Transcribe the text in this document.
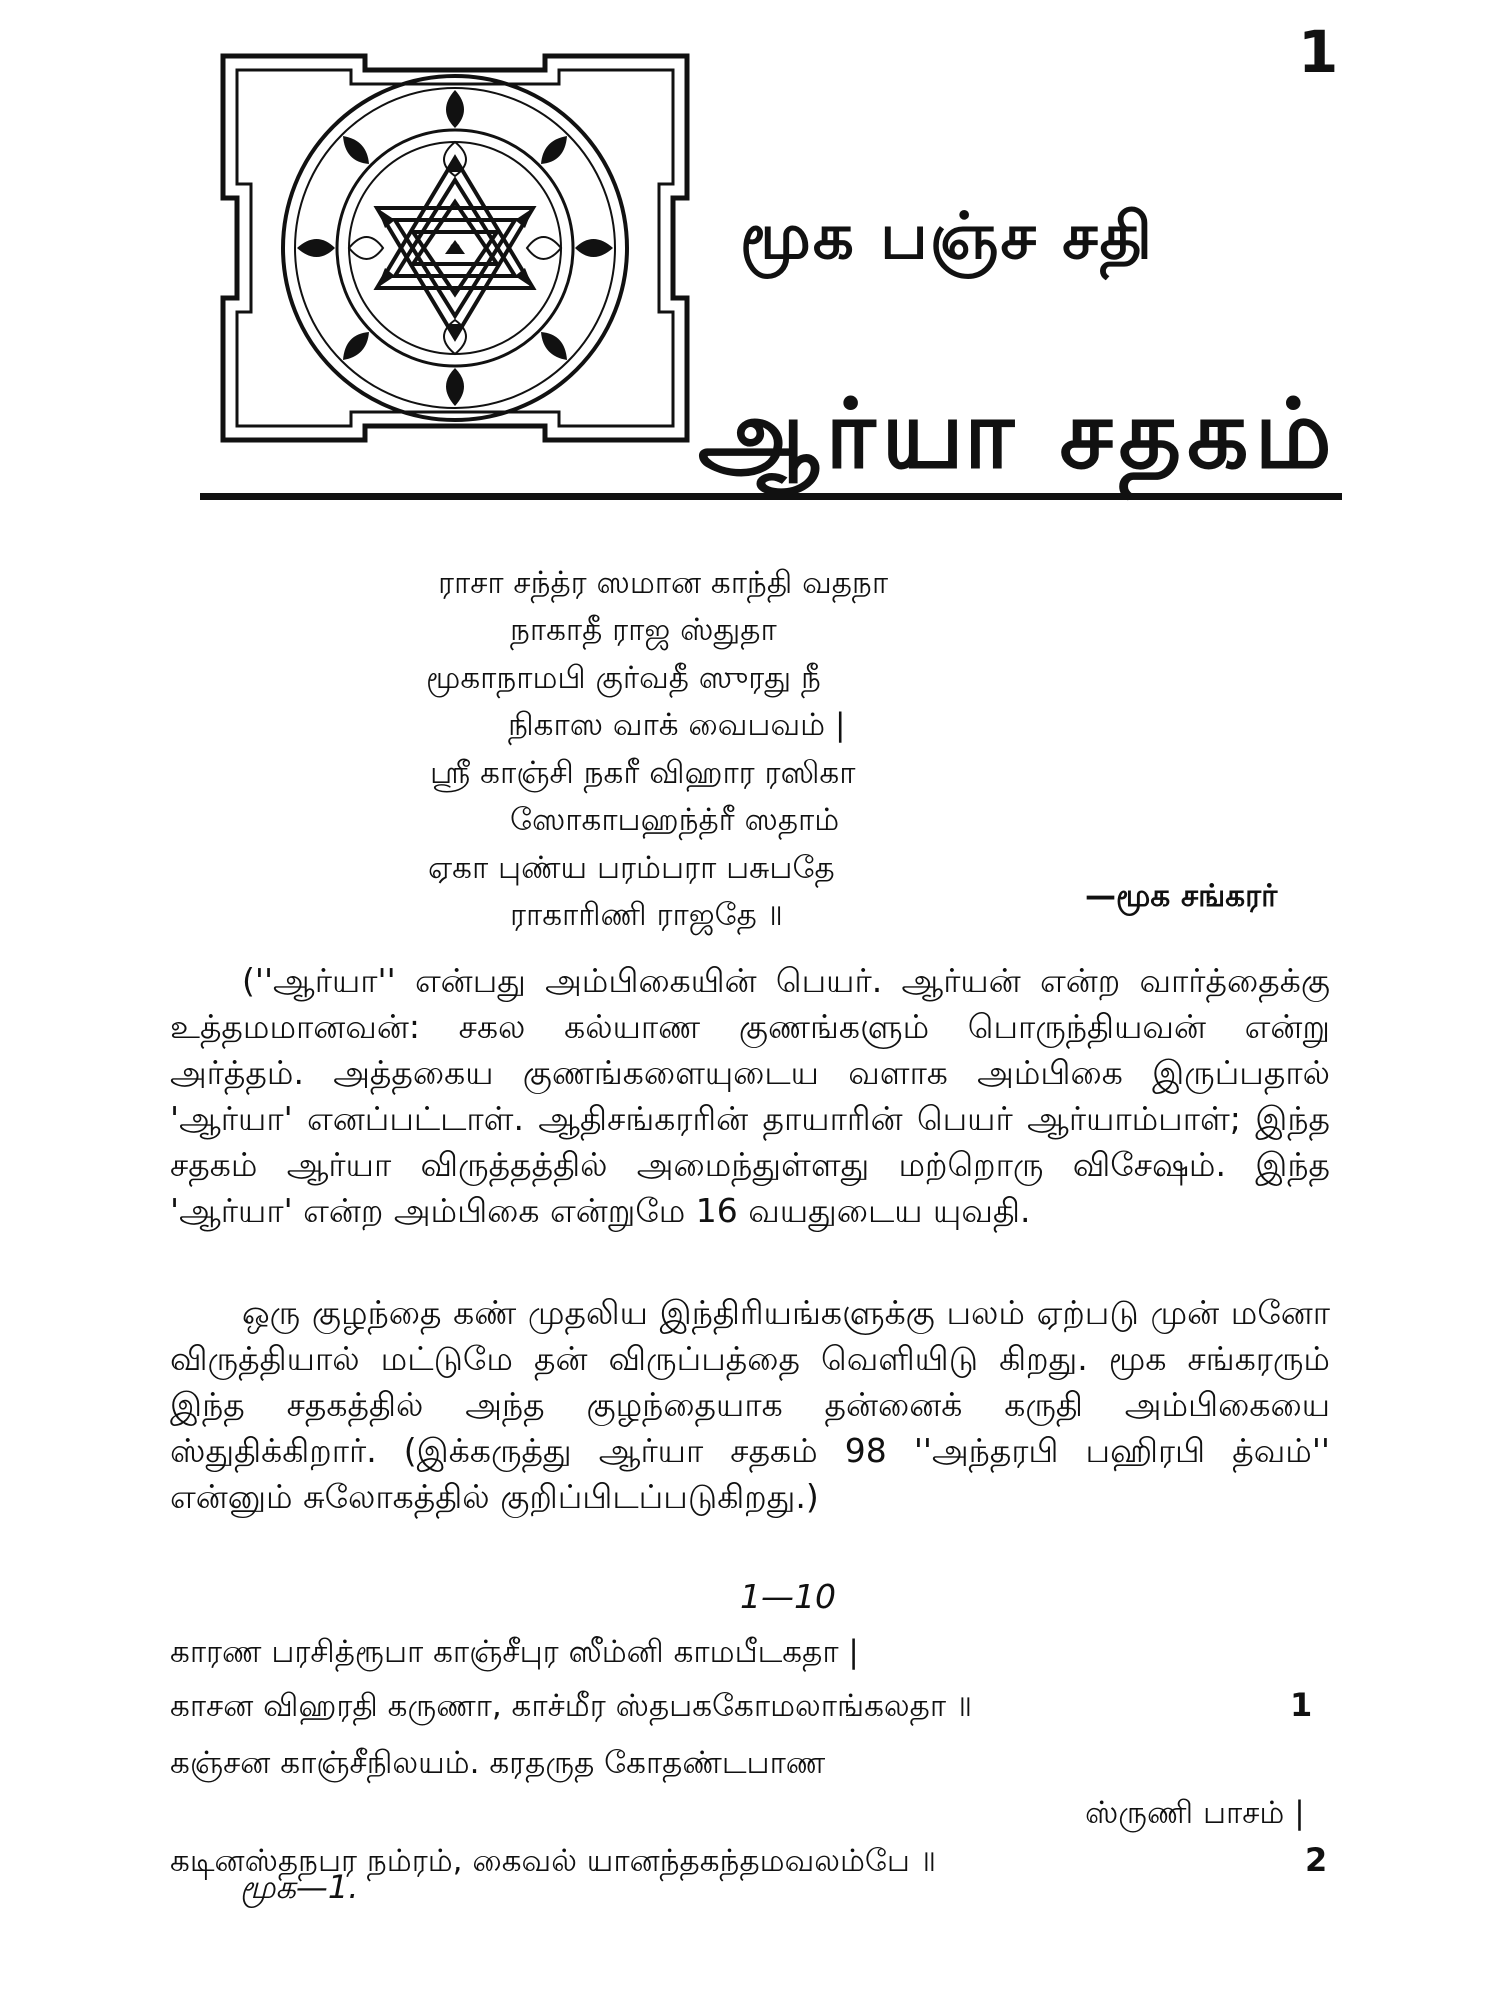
1
மூக பஞ்ச சதி
ஆர்யா சதகம்
ராசா சந்த்ர ஸமான காந்தி வதநா
நாகாதீ ராஜ ஸ்துதா
மூகாநாமபி குர்வதீ ஸுரது நீ
நிகாஸ வாக் வைபவம் |
ஸ்ரீ காஞ்சி நகரீ விஹார ரஸிகா
ஸோகாபஹந்த்ரீ ஸதாம்
ஏகா புண்ய பரம்பரா பசுபதே
ராகாரிணி ராஜதே ॥
—மூக சங்கரர்

(''ஆர்யா'' என்பது அம்பிகையின் பெயர். ஆர்யன் என்ற வார்த்தைக்கு உத்தமமானவன்: சகல கல்யாண குணங்களும் பொருந்தியவன் என்று அர்த்தம். அத்தகைய குணங்களையுடைய வளாக அம்பிகை இருப்பதால் 'ஆர்யா' எனப்பட்டாள். ஆதிசங்கரரின் தாயாரின் பெயர் ஆர்யாம்பாள்; இந்த சதகம் ஆர்யா விருத்தத்தில் அமைந்துள்ளது மற்றொரு விசேஷம். இந்த 'ஆர்யா' என்ற அம்பிகை என்றுமே 16 வயதுடைய யுவதி.

ஒரு குழந்தை கண் முதலிய இந்திரியங்களுக்கு பலம் ஏற்படு முன் மனோ விருத்தியால் மட்டுமே தன் விருப்பத்தை வெளியிடு கிறது. மூக சங்கரரும் இந்த சதகத்தில் அந்த குழந்தையாக தன்னைக் கருதி அம்பிகையை ஸ்துதிக்கிறார். (இக்கருத்து ஆர்யா சதகம் 98 ''அந்தரபி பஹிரபி த்வம்'' என்னும் சுலோகத்தில் குறிப்பிடப்படுகிறது.)

1—10
காரண பரசித்ரூபா காஞ்சீபுர ஸீம்னி காமபீடகதா |
காசன விஹரதி கருணா, காச்மீர ஸ்தபககோமலாங்கலதா ॥	1
கஞ்சன காஞ்சீநிலயம். கரதருத கோதண்டபாண
ஸ்ருணி பாசம் |
கடினஸ்தநபர நம்ரம், கைவல் யானந்தகந்தமவலம்பே ॥	2
மூக—1.
